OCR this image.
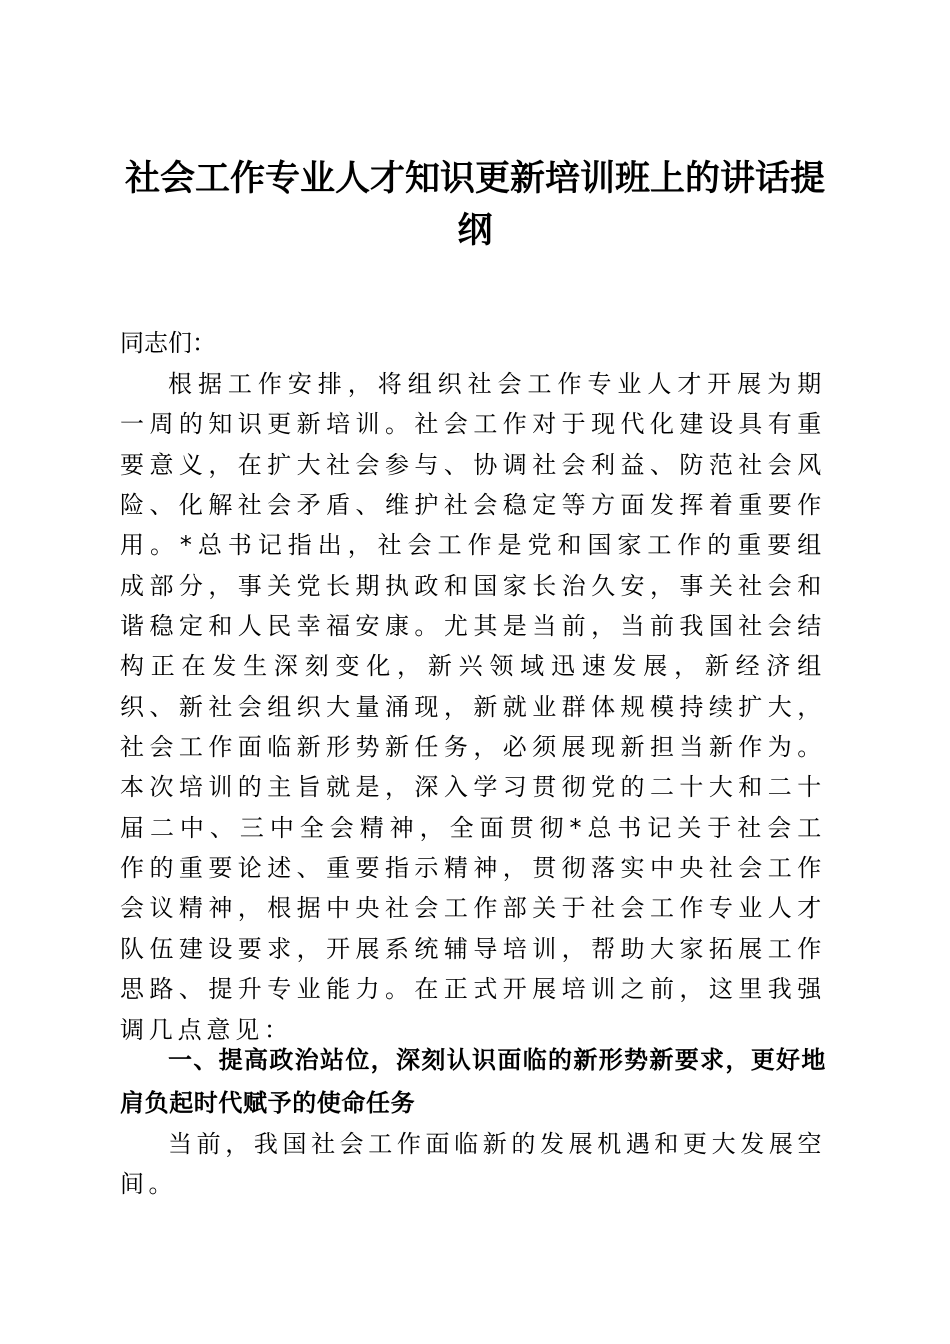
社会工作专业人才知识更新培训班上的讲话提纲
同志们：
根据工作安排，将组织社会工作专业人才开展为期一周的知识更新培训。社会工作对于现代化建设具有重要意义，在扩大社会参与、协调社会利益、防范社会风险、化解社会矛盾、维护社会稳定等方面发挥着重要作用。*总书记指出，社会工作是党和国家工作的重要组成部分，事关党长期执政和国家长治久安，事关社会和谐稳定和人民幸福安康。尤其是当前，当前我国社会结构正在发生深刻变化，新兴领域迅速发展，新经济组织、新社会组织大量涌现，新就业群体规模持续扩大，社会工作面临新形势新任务，必须展现新担当新作为。本次培训的主旨就是，深入学习贯彻党的二十大和二十届二中、三中全会精神，全面贯彻*总书记关于社会工作的重要论述、重要指示精神，贯彻落实中央社会工作会议精神，根据中央社会工作部关于社会工作专业人才队伍建设要求，开展系统辅导培训，帮助大家拓展工作思路、提升专业能力。在正式开展培训之前，这里我强调几点意见：
一、提高政治站位，深刻认识面临的新形势新要求，更好地肩负起时代赋予的使命任务
当前，我国社会工作面临新的发展机遇和更大发展空间。
